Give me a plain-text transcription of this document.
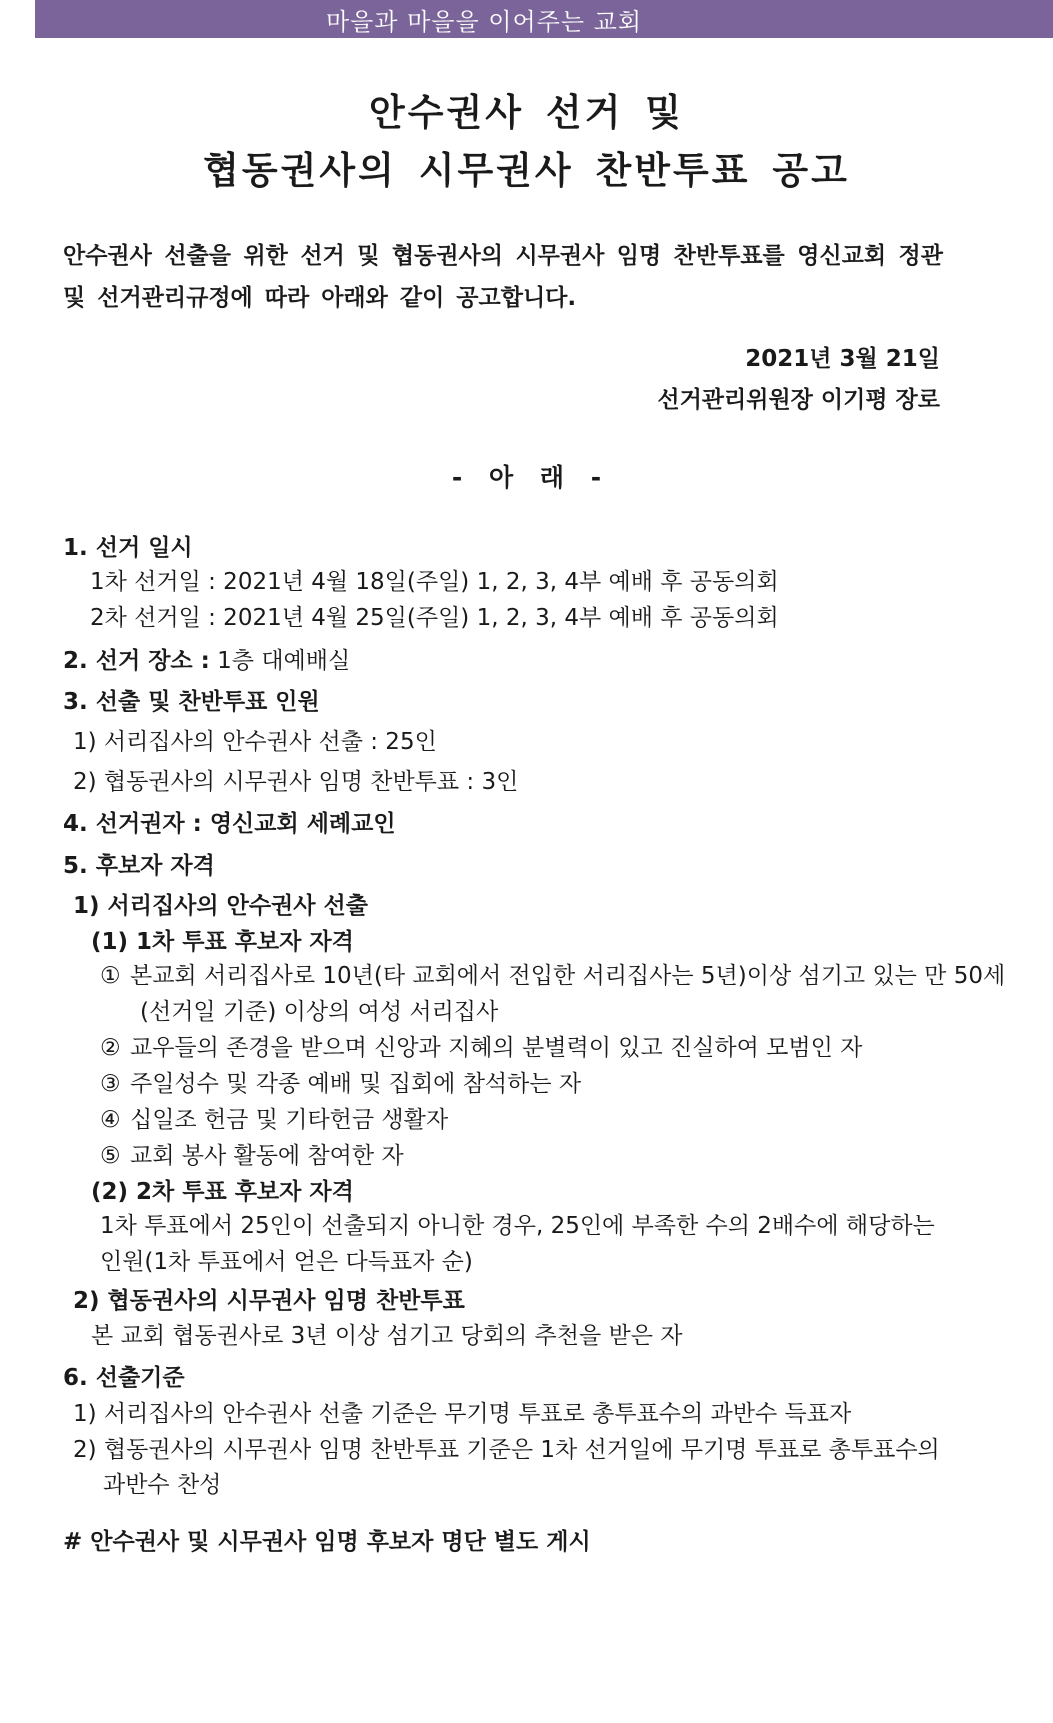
마을과 마을을 이어주는 교회
안수권사 선거 및
협동권사의 시무권사 찬반투표 공고

안수권사 선출을 위한 선거 및 협동권사의 시무권사 임명 찬반투표를 영신교회 정관 및 선거관리규정에 따라 아래와 같이 공고합니다.

2021년 3월 21일
선거관리위원장 이기평 장로
- 아 래 -
1. 선거 일시
1차 선거일 : 2021년 4월 18일(주일) 1, 2, 3, 4부 예배 후 공동의회
2차 선거일 : 2021년 4월 25일(주일) 1, 2, 3, 4부 예배 후 공동의회
2. 선거 장소 : 1층 대예배실
3. 선출 및 찬반투표 인원
1) 서리집사의 안수권사 선출 : 25인
2) 협동권사의 시무권사 임명 찬반투표 : 3인
4. 선거권자 : 영신교회 세례교인
5. 후보자 자격
1) 서리집사의 안수권사 선출
(1) 1차 투표 후보자 자격
① 본교회 서리집사로 10년(타 교회에서 전입한 서리집사는 5년)이상 섬기고 있는 만 50세
(선거일 기준) 이상의 여성 서리집사
② 교우들의 존경을 받으며 신앙과 지혜의 분별력이 있고 진실하여 모범인 자
③ 주일성수 및 각종 예배 및 집회에 참석하는 자
④ 십일조 헌금 및 기타헌금 생활자
⑤ 교회 봉사 활동에 참여한 자
(2) 2차 투표 후보자 자격
1차 투표에서 25인이 선출되지 아니한 경우, 25인에 부족한 수의 2배수에 해당하는
인원(1차 투표에서 얻은 다득표자 순)
2) 협동권사의 시무권사 임명 찬반투표
본 교회 협동권사로 3년 이상 섬기고 당회의 추천을 받은 자
6. 선출기준
1) 서리집사의 안수권사 선출 기준은 무기명 투표로 총투표수의 과반수 득표자
2) 협동권사의 시무권사 임명 찬반투표 기준은 1차 선거일에 무기명 투표로 총투표수의
과반수 찬성
# 안수권사 및 시무권사 임명 후보자 명단 별도 게시
